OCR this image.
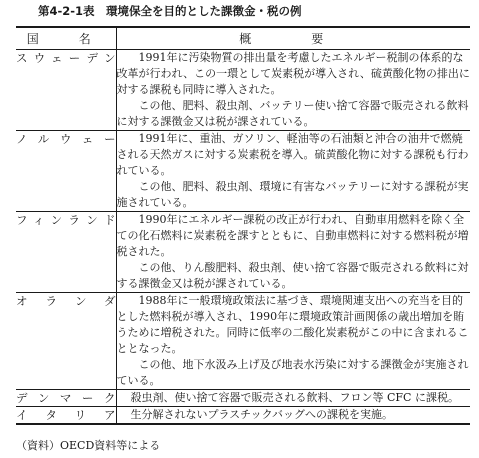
第4-2-1表　環境保全を目的とした課徴金・税の例
国　名	概　要
スウェーデン	1991年に汚染物質の排出量を考慮したエネルギー税制の体系的な改革が行われ、この一環として炭素税が導入され、硫黄酸化物の排出に対する課税も同時に導入された。

この他、肥料、殺虫剤、バッテリー使い捨て容器で販売される飲料に対する課徴金又は税が課されている。

ノルウェー	1991年に、重油、ガソリン、軽油等の石油類と沖合の油井で燃焼される天然ガスに対する炭素税を導入。硫黄酸化物に対する課税も行われている。

この他、肥料、殺虫剤、環境に有害なバッテリーに対する課税が実施されている。

フィンランド	1990年にエネルギー課税の改正が行われ、自動車用燃料を除く全ての化石燃料に炭素税を課すとともに、自動車燃料に対する燃料税が増税された。

この他、りん酸肥料、殺虫剤、使い捨て容器で販売される飲料に対する課徴金又は税が課されている。

オランダ	1988年に一般環境政策法に基づき、環境関連支出への充当を目的とした燃料税が導入され、1990年に環境政策計画関係の歳出増加を賄うために増税された。同時に低率の二酸化炭素税がこの中に含まれることとなった。

この他、地下水汲み上げ及び地表水汚染に対する課徴金が実施されている。

デンマーク	殺虫剤、使い捨て容器で販売される飲料、フロン等 CFC に課税。
イタリア	生分解されないプラスチックバッグへの課税を実施。
（資料）OECD資料等による
